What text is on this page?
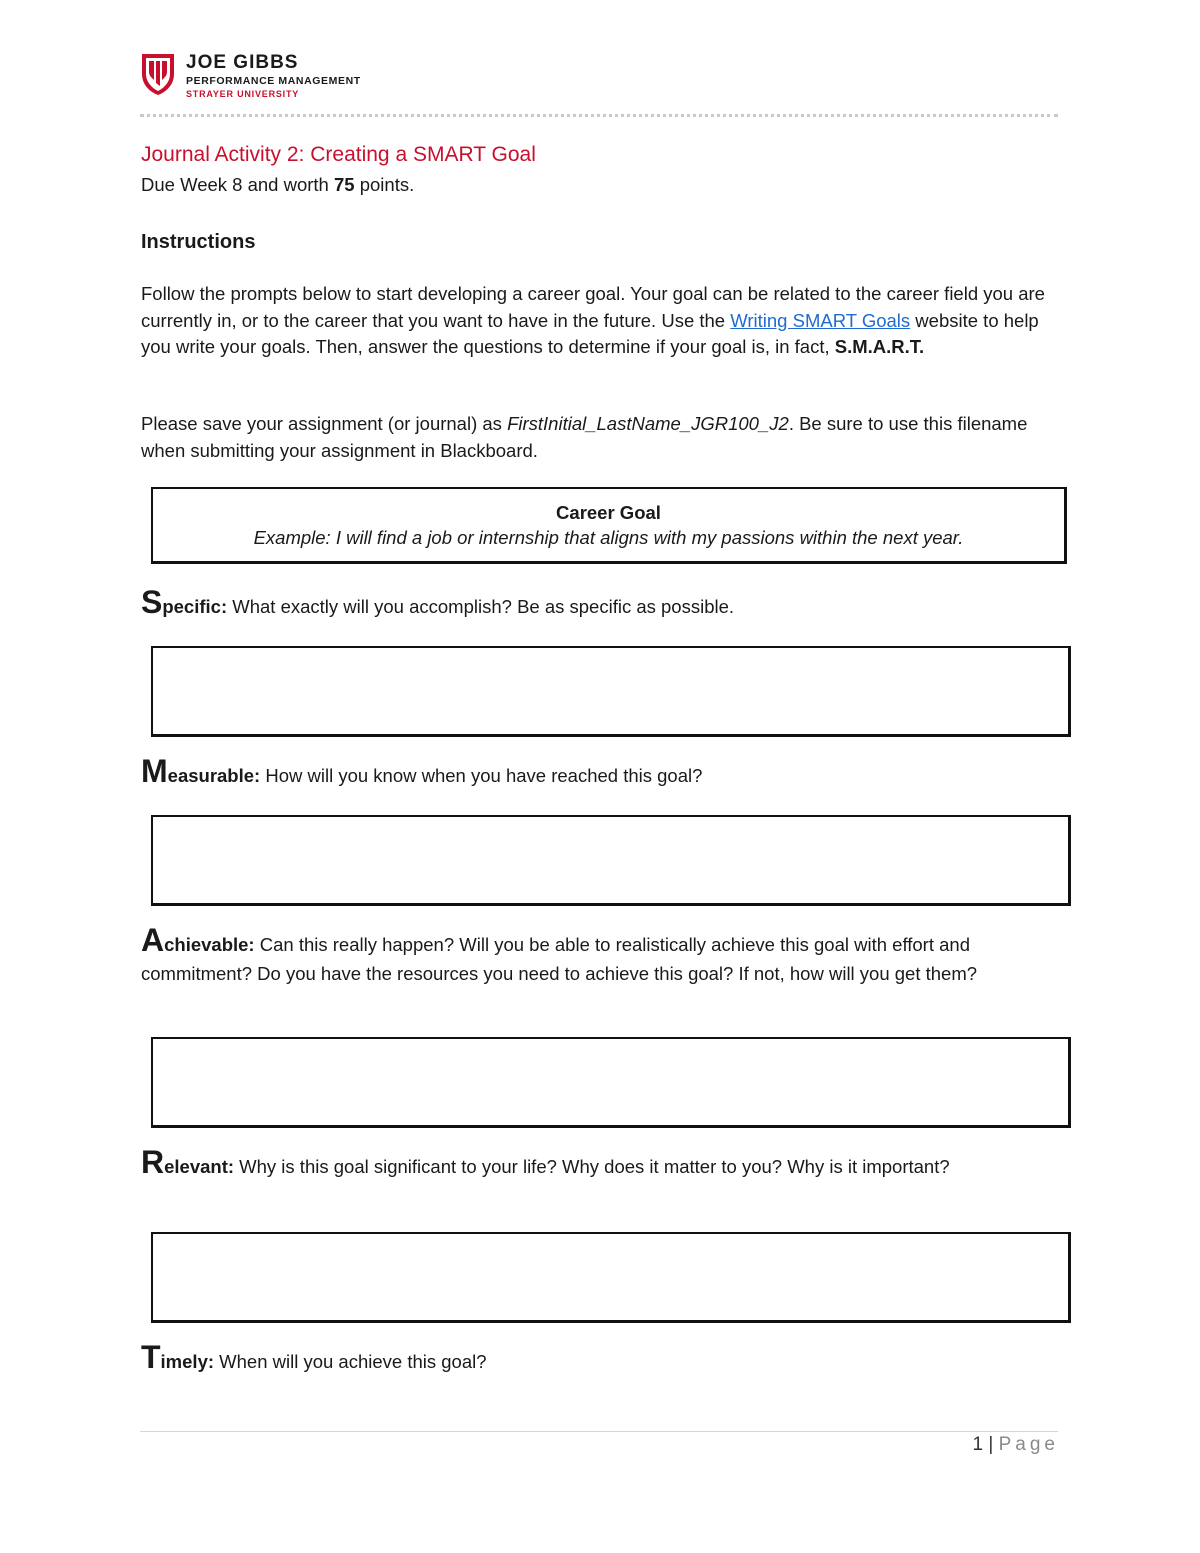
JOE GIBBS
PERFORMANCE MANAGEMENT
STRAYER UNIVERSITY
Journal Activity 2: Creating a SMART Goal
Due Week 8 and worth 75 points.
Instructions
Follow the prompts below to start developing a career goal. Your goal can be related to the career field you are currently in, or to the career that you want to have in the future. Use the Writing SMART Goals website to help you write your goals. Then, answer the questions to determine if your goal is, in fact, S.M.A.R.T.
Please save your assignment (or journal) as FirstInitial_LastName_JGR100_J2. Be sure to use this filename when submitting your assignment in Blackboard.
Career Goal
Example: I will find a job or internship that aligns with my passions within the next year.
Specific: What exactly will you accomplish? Be as specific as possible.
Measurable: How will you know when you have reached this goal?
Achievable: Can this really happen? Will you be able to realistically achieve this goal with effort and commitment? Do you have the resources you need to achieve this goal? If not, how will you get them?
Relevant: Why is this goal significant to your life? Why does it matter to you? Why is it important?
Timely: When will you achieve this goal?
1 | Page
